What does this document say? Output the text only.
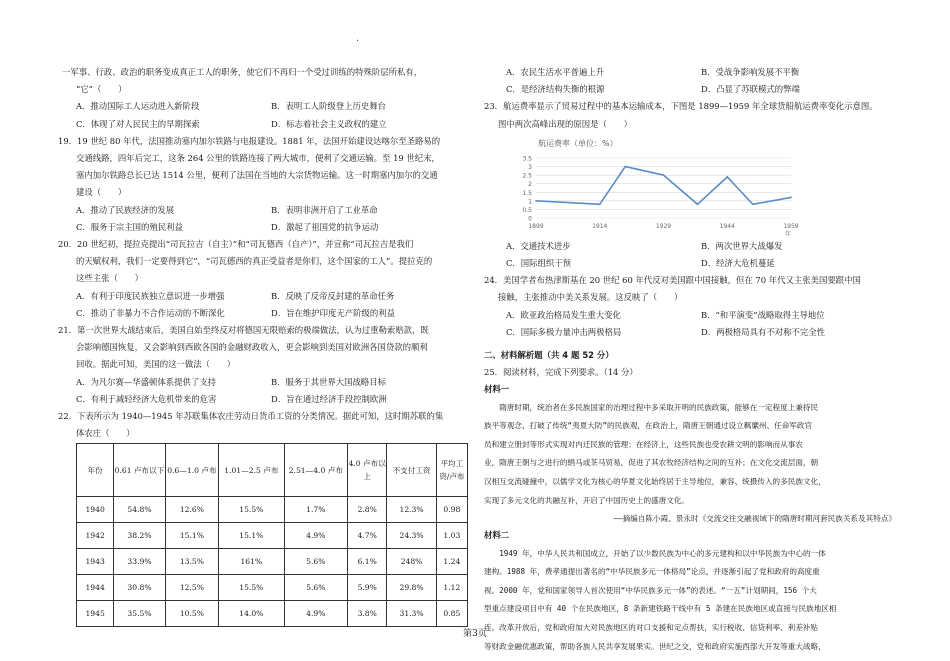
·
一军事、行政、政治的职务变成真正工人的职务，使它们不再归一个受过训练的特殊阶层所私有，
“它”（　　）
A．推动国际工人运动进入新阶段	B．表明工人阶级登上历史舞台
C．体现了对人民民主的早期探索	D．标志着社会主义政权的建立
19．19 世纪 80 年代，法国推动塞内加尔铁路与电报建设。1881 年，法国开始建设达喀尔至圣路易的
交通线路，四年后完工，这条 264 公里的铁路连接了两大城市，便利了交通运输。至 19 世纪末，
塞内加尔铁路总长已达 1514 公里，便利了法国在当地的大宗货物运输。这一时期塞内加尔的交通
建设（　　）
A．推动了民族经济的发展	B．表明非洲开启了工业革命
C．服务于宗主国的殖民利益	D．激起了祖国党的抗争运动
20．20 世纪初，提拉克提出“司瓦拉吉（自主）”和“司瓦德西（自产）”，并宣称“司瓦拉吉是我们
的天赋权利，我们一定要得到它”，“司瓦德西的真正受益者是你们，这个国家的工人”。提拉克的
这些主张（　　）
A．有利于印度民族独立意识进一步增强	B．反映了反帝反封建的革命任务
C．推动了非暴力不合作运动的不断深化	D．旨在维护印度无产阶级的利益
21．第一次世界大战结束后，美国自始至终反对将德国无限赔索的极端做法，认为过重勒索赔款，既
会影响德国恢复，又会影响到西欧各国的金融财政收入，更会影响到美国对欧洲各国贷款的顺利
回收。据此可知，美国的这一做法（　　）
A．为凡尔赛—华盛顿体系提供了支持	B．服务于其世界大国战略目标
C．有利于减轻经济大危机带来的危害	D．旨在通过经济手段控制欧洲
22．下表所示为 1940—1945 年苏联集体农庄劳动日货币工资的分类情况。据此可知，这时期苏联的集
体农庄（　　）
年份	0.61 卢布以下	0.6—1.0 卢布	1.01—2.5 卢布	2.51—4.0 卢布	4.0 卢布以上	不支付工资	平均工资/卢布
1940	54.8%	12.6%	15.5%	1.7%	2.8%	12.3%	0.98
1942	38.2%	15.1%	15.1%	4.9%	4.7%	24.3%	1.03
1943	33.9%	13.5%	161%	5.6%	6.1%	248%	1.24
1944	30.8%	12.5%	15.5%	5.6%	5.9%	29.8%	1.12
1945	35.5%	10.5%	14.0%	4.9%	3.8%	31.3%	0.85
A．农民生活水平普遍上升	B．受战争影响发展不平衡
C．是经济结构失衡的根源	D．凸显了苏联模式的弊端
23．航运费率显示了贸易过程中的基本运输成本，下图是 1899—1959 年全球货船航运费率变化示意图。
图中两次高峰出现的原因是（　　）
航运费率（单位：%）
0
0.5
1
1.5
2
2.5
3
3.5
1899	1914	1929	1944	1959
年
A．交通技术进步	B．两次世界大战爆发
C．国际组织干预	D．经济大危机蔓延
24．美国学者布热津斯基在 20 世纪 60 年代反对美国跟中国接触，但在 70 年代又主张美国要跟中国
接触，主张推动中美关系发展。这反映了（　　）
A．欧亚政治格局发生重大变化	B．“和平演变”战略取得主导地位
C．国际多极力量冲击两极格局	D．两极格局具有不对称不完全性
二、材料解析题（共 4 题 52 分）
25．阅读材料，完成下列要求。（14 分）
材料一
隋唐时期，统治者在多民族国家的治理过程中多采取开明的民族政策，能够在一定程度上兼持民
族平等观念，打破了传统“夷夏大防”的民族观，在政治上，隋唐王朝通过设立羁縻州、任命军政官
员和建立册封等形式实现对内迁民族的管理；在经济上，这些民族也受农耕文明的影响而从事农
业，隋唐王朝与之进行的绢马或茶马贸易，促进了其农牧经济结构之间的互补；在文化交流层面，朝
汉相互交流碰撞中，以儒学文化为核心的华夏文化始终居于主导地位，兼容、统摄传入的多民族文化，
实现了多元文化的共融互补，开启了中国历史上的盛唐文化。
——摘编自陈小霞、景永时《交流交往交融视域下的隋唐时期河套民族关系及其特点》
材料二
1949 年，中华人民共和国成立，开始了以少数民族为中心的多元建构和以中华民族为中心的一体
建构。1988 年，费孝通提出著名的“中华民族多元一体格局”论点，并逐渐引起了党和政府的高度重
视。2000 年，党和国家领导人首次使用“中华民族多元一体”的表述。“一五”计划期间，156 个大
型重点建设项目中有 40 个在民族地区，8 条新建铁路干线中有 5 条建在民族地区或直接与民族地区相
连。改革开放后，党和政府加大对民族地区的对口支援和定点帮扶，实行税收、信贷利率、利差补贴
等财政金融优惠政策，帮助各族人民共享发展果实。世纪之交，党和政府实施西部大开发等重大战略，
第3页
